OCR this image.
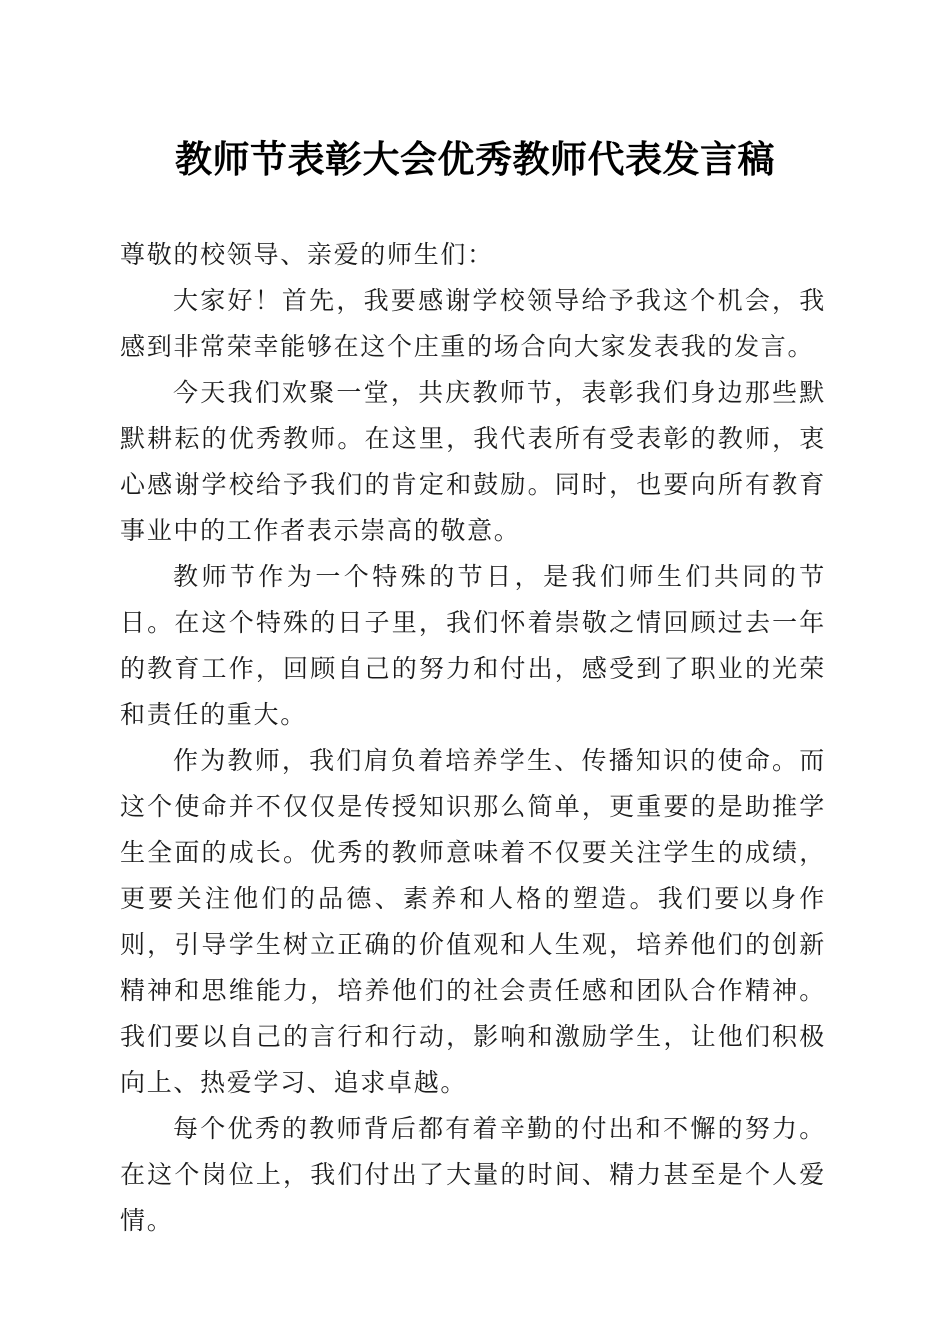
教师节表彰大会优秀教师代表发言稿

尊敬的校领导、亲爱的师生们：

大家好！首先，我要感谢学校领导给予我这个机会，我感到非常荣幸能够在这个庄重的场合向大家发表我的发言。

今天我们欢聚一堂，共庆教师节，表彰我们身边那些默默耕耘的优秀教师。在这里，我代表所有受表彰的教师，衷心感谢学校给予我们的肯定和鼓励。同时，也要向所有教育事业中的工作者表示崇高的敬意。

教师节作为一个特殊的节日，是我们师生们共同的节日。在这个特殊的日子里，我们怀着崇敬之情回顾过去一年的教育工作，回顾自己的努力和付出，感受到了职业的光荣和责任的重大。

作为教师，我们肩负着培养学生、传播知识的使命。而这个使命并不仅仅是传授知识那么简单，更重要的是助推学生全面的成长。优秀的教师意味着不仅要关注学生的成绩，更要关注他们的品德、素养和人格的塑造。我们要以身作则，引导学生树立正确的价值观和人生观，培养他们的创新精神和思维能力，培养他们的社会责任感和团队合作精神。我们要以自己的言行和行动，影响和激励学生，让他们积极向上、热爱学习、追求卓越。

每个优秀的教师背后都有着辛勤的付出和不懈的努力。在这个岗位上，我们付出了大量的时间、精力甚至是个人爱情。
